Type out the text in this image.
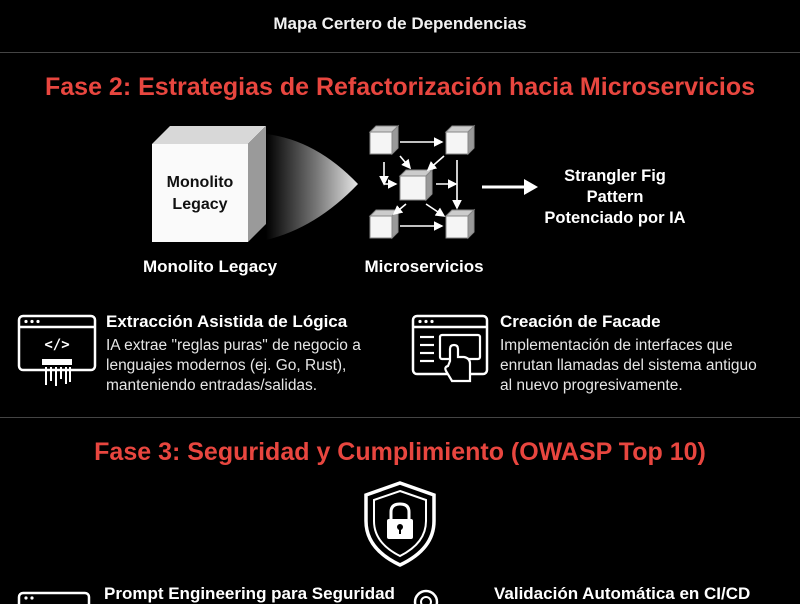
Mapa Certero de Dependencias
Fase 2: Estrategias de Refactorización hacia Microservicios
Monolito
Legacy
Strangler Fig Pattern
Potenciado por IA
Monolito Legacy	Microservicios
</>
Extracción Asistida de Lógica
IA extrae "reglas puras" de negocio a
lenguajes modernos (ej. Go, Rust),
manteniendo entradas/salidas.
Creación de Facade
Implementación de interfaces que
enrutan llamadas del sistema antiguo
al nuevo progresivamente.
Fase 3: Seguridad y Cumplimiento (OWASP Top 10)
Prompt Engineering para Seguridad	Validación Automática en CI/CD
